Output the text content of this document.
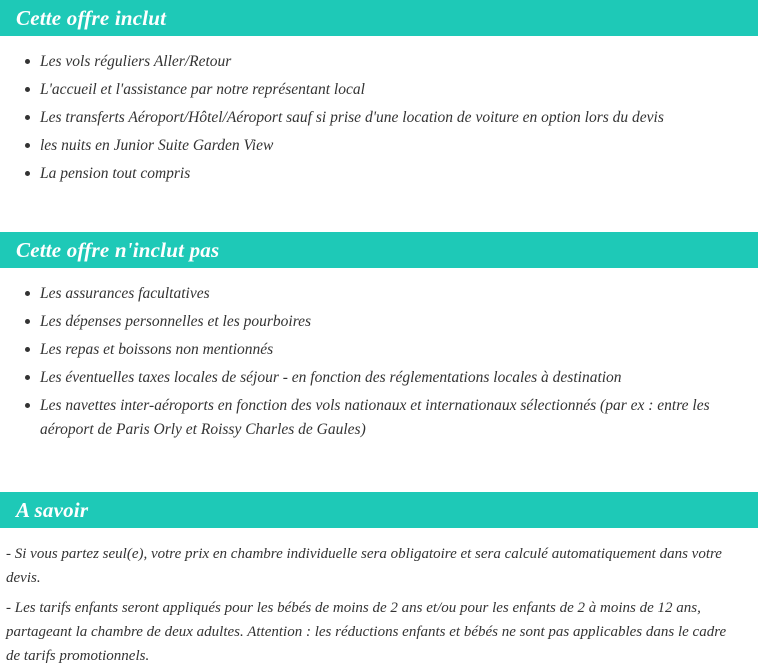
Cette offre inclut
Les vols réguliers Aller/Retour
L'accueil et l'assistance par notre représentant local
Les transferts Aéroport/Hôtel/Aéroport sauf si prise d'une location de voiture en option lors du devis
les nuits en Junior Suite Garden View
La pension tout compris
Cette offre n'inclut pas
Les assurances facultatives
Les dépenses personnelles et les pourboires
Les repas et boissons non mentionnés
Les éventuelles taxes locales de séjour - en fonction des réglementations locales à destination
Les navettes inter-aéroports en fonction des vols nationaux et internationaux sélectionnés (par ex : entre les aéroport de Paris Orly et Roissy Charles de Gaules)
A savoir

- Si vous partez seul(e), votre prix en chambre individuelle sera obligatoire et sera calculé automatiquement dans votre devis.

- Les tarifs enfants seront appliqués pour les bébés de moins de 2 ans et/ou pour les enfants de 2 à moins de 12 ans, partageant la chambre de deux adultes. Attention : les réductions enfants et bébés ne sont pas applicables dans le cadre de tarifs promotionnels.
